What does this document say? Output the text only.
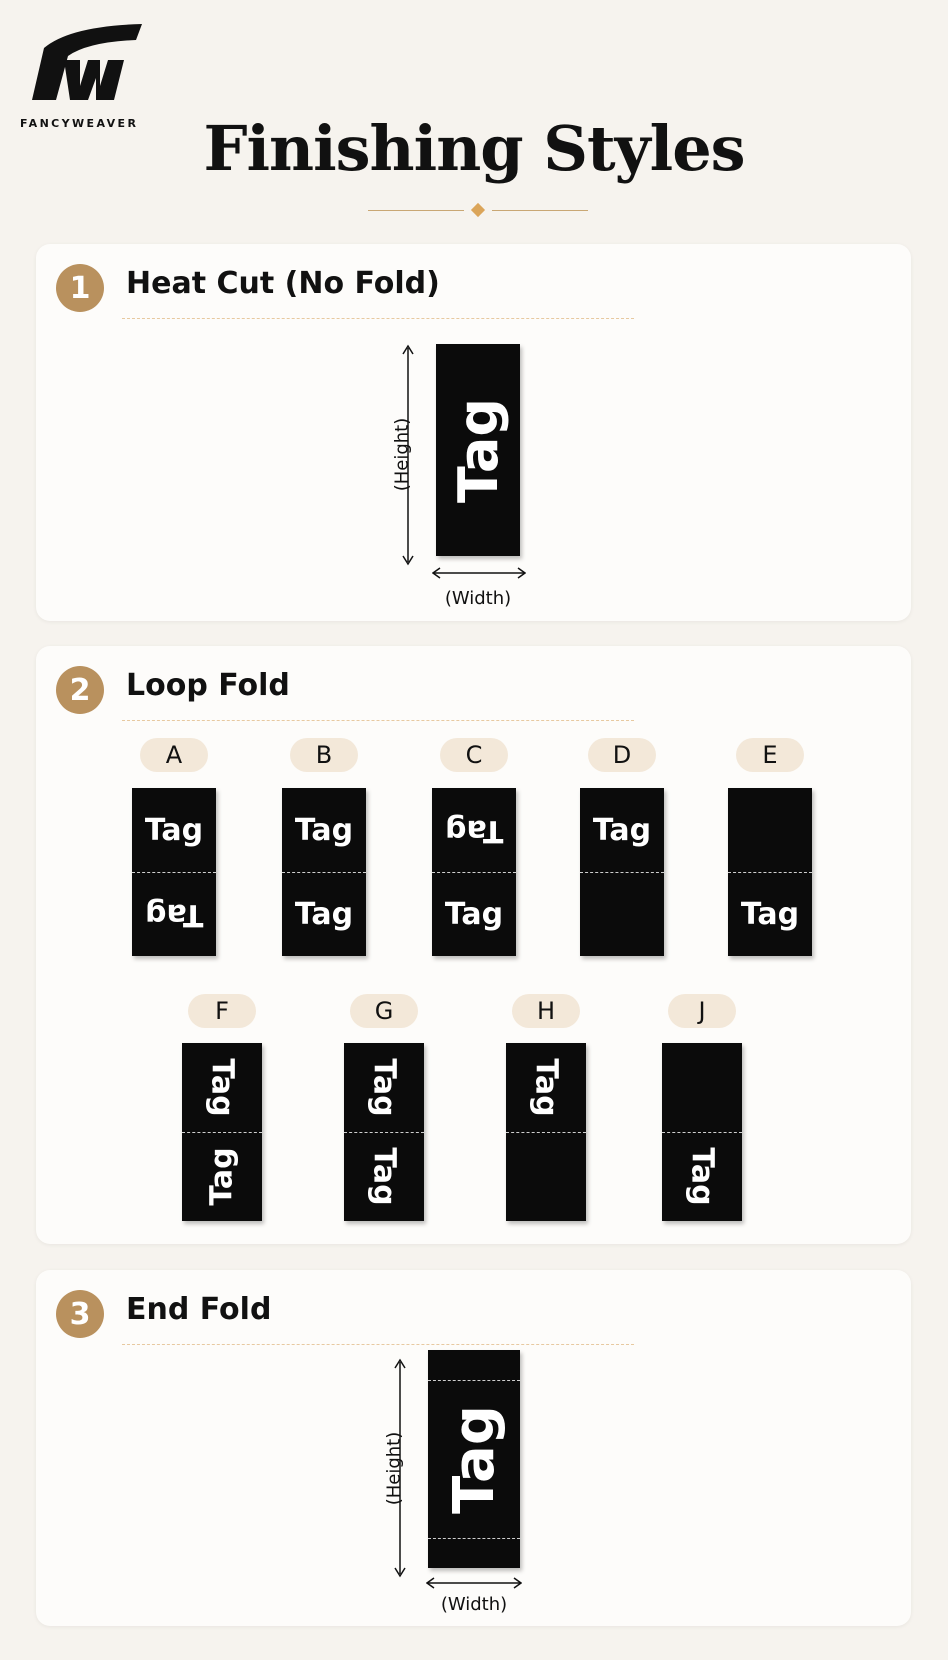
FANCYWEAVER	Finishing Styles
1	Heat Cut (No Fold)
(Height) Tag
(Width)
2	Loop Fold
A
Tag
Tag
B
Tag
Tag
C
Tag
Tag
D
Tag
E
Tag
F
Tag
Tag
G
Tag
Tag
H
Tag
J
Tag
3	End Fold
(Height) Tag
(Width)
